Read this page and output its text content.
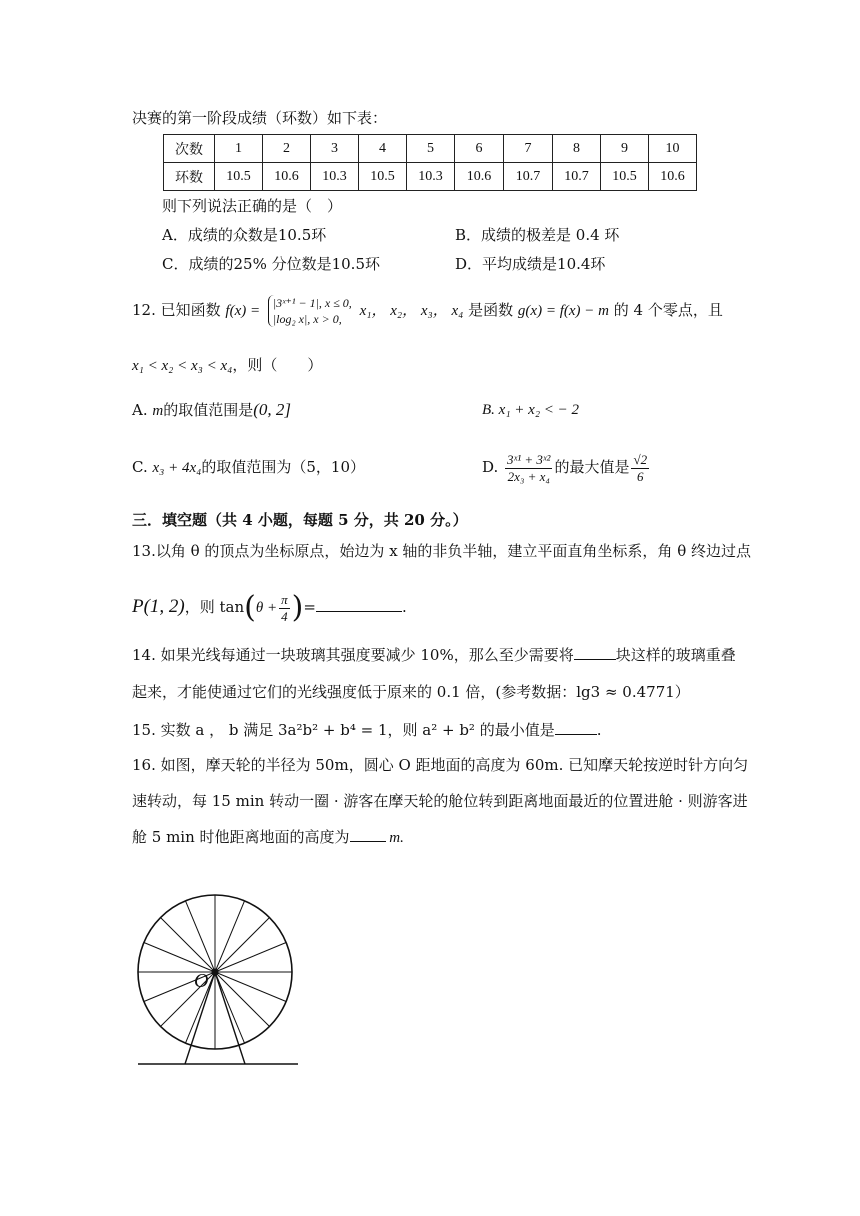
决赛的第一阶段成绩（环数）如下表：
次数	1	2	3	4	5	6	7	8	9	10
环数	10.5	10.6	10.3	10.5	10.3	10.6	10.7	10.7	10.5	10.6
则下列说法正确的是（　）
A．成绩的众数是10.5环	B．成绩的极差是 0.4 环
C．成绩的25% 分位数是10.5环	D．平均成绩是10.4环
12. 已知函数 f(x) = |3ˣ⁺¹ − 1|, x ≤ 0,
|log₂ x|, x > 0,	x₁， x₂， x₃， x₄ 是函数 g(x) = f(x) − m 的 4 个零点，且
x₁ < x₂ < x₃ < x₄，则（　　）
A. m的取值范围是(0, 2]	B. x₁ + x₂ < − 2
C. x₃ + 4x₄的取值范围为（5，10）	D. $\frac{\text{3ˣ¹ + 3ˣ²}}{\text{2x₃ + x₄}}$ 的最大值是 $\frac{√2}{6}$
三．填空题（共 4 小题，每题 5 分，共 20 分。）
13.以角 θ 的顶点为坐标原点，始边为 x 轴的非负半轴，建立平面直角坐标系，角 θ 终边过点
P(1, 2)，则 $\tan(\theta + \frac{\pi}{4}$ )=	.
14. 如果光线每通过一块玻璃其强度要减少 10%，那么至少需要将	块这样的玻璃重叠
起来，才能使通过它们的光线强度低于原来的 0.1 倍，(参考数据：lg3 ≈ 0.4771）
15. 实数 a ， b 满足 3a²b² + b⁴ = 1，则 a² + b² 的最小值是	.
16. 如图，摩天轮的半径为 50m，圆心 O 距地面的高度为 60m. 已知摩天轮按逆时针方向匀
速转动，每 15 min 转动一圈 · 游客在摩天轮的舱位转到距离地面最近的位置进舱 · 则游客进
舱 5 min 时他距离地面的高度为 m.
O
